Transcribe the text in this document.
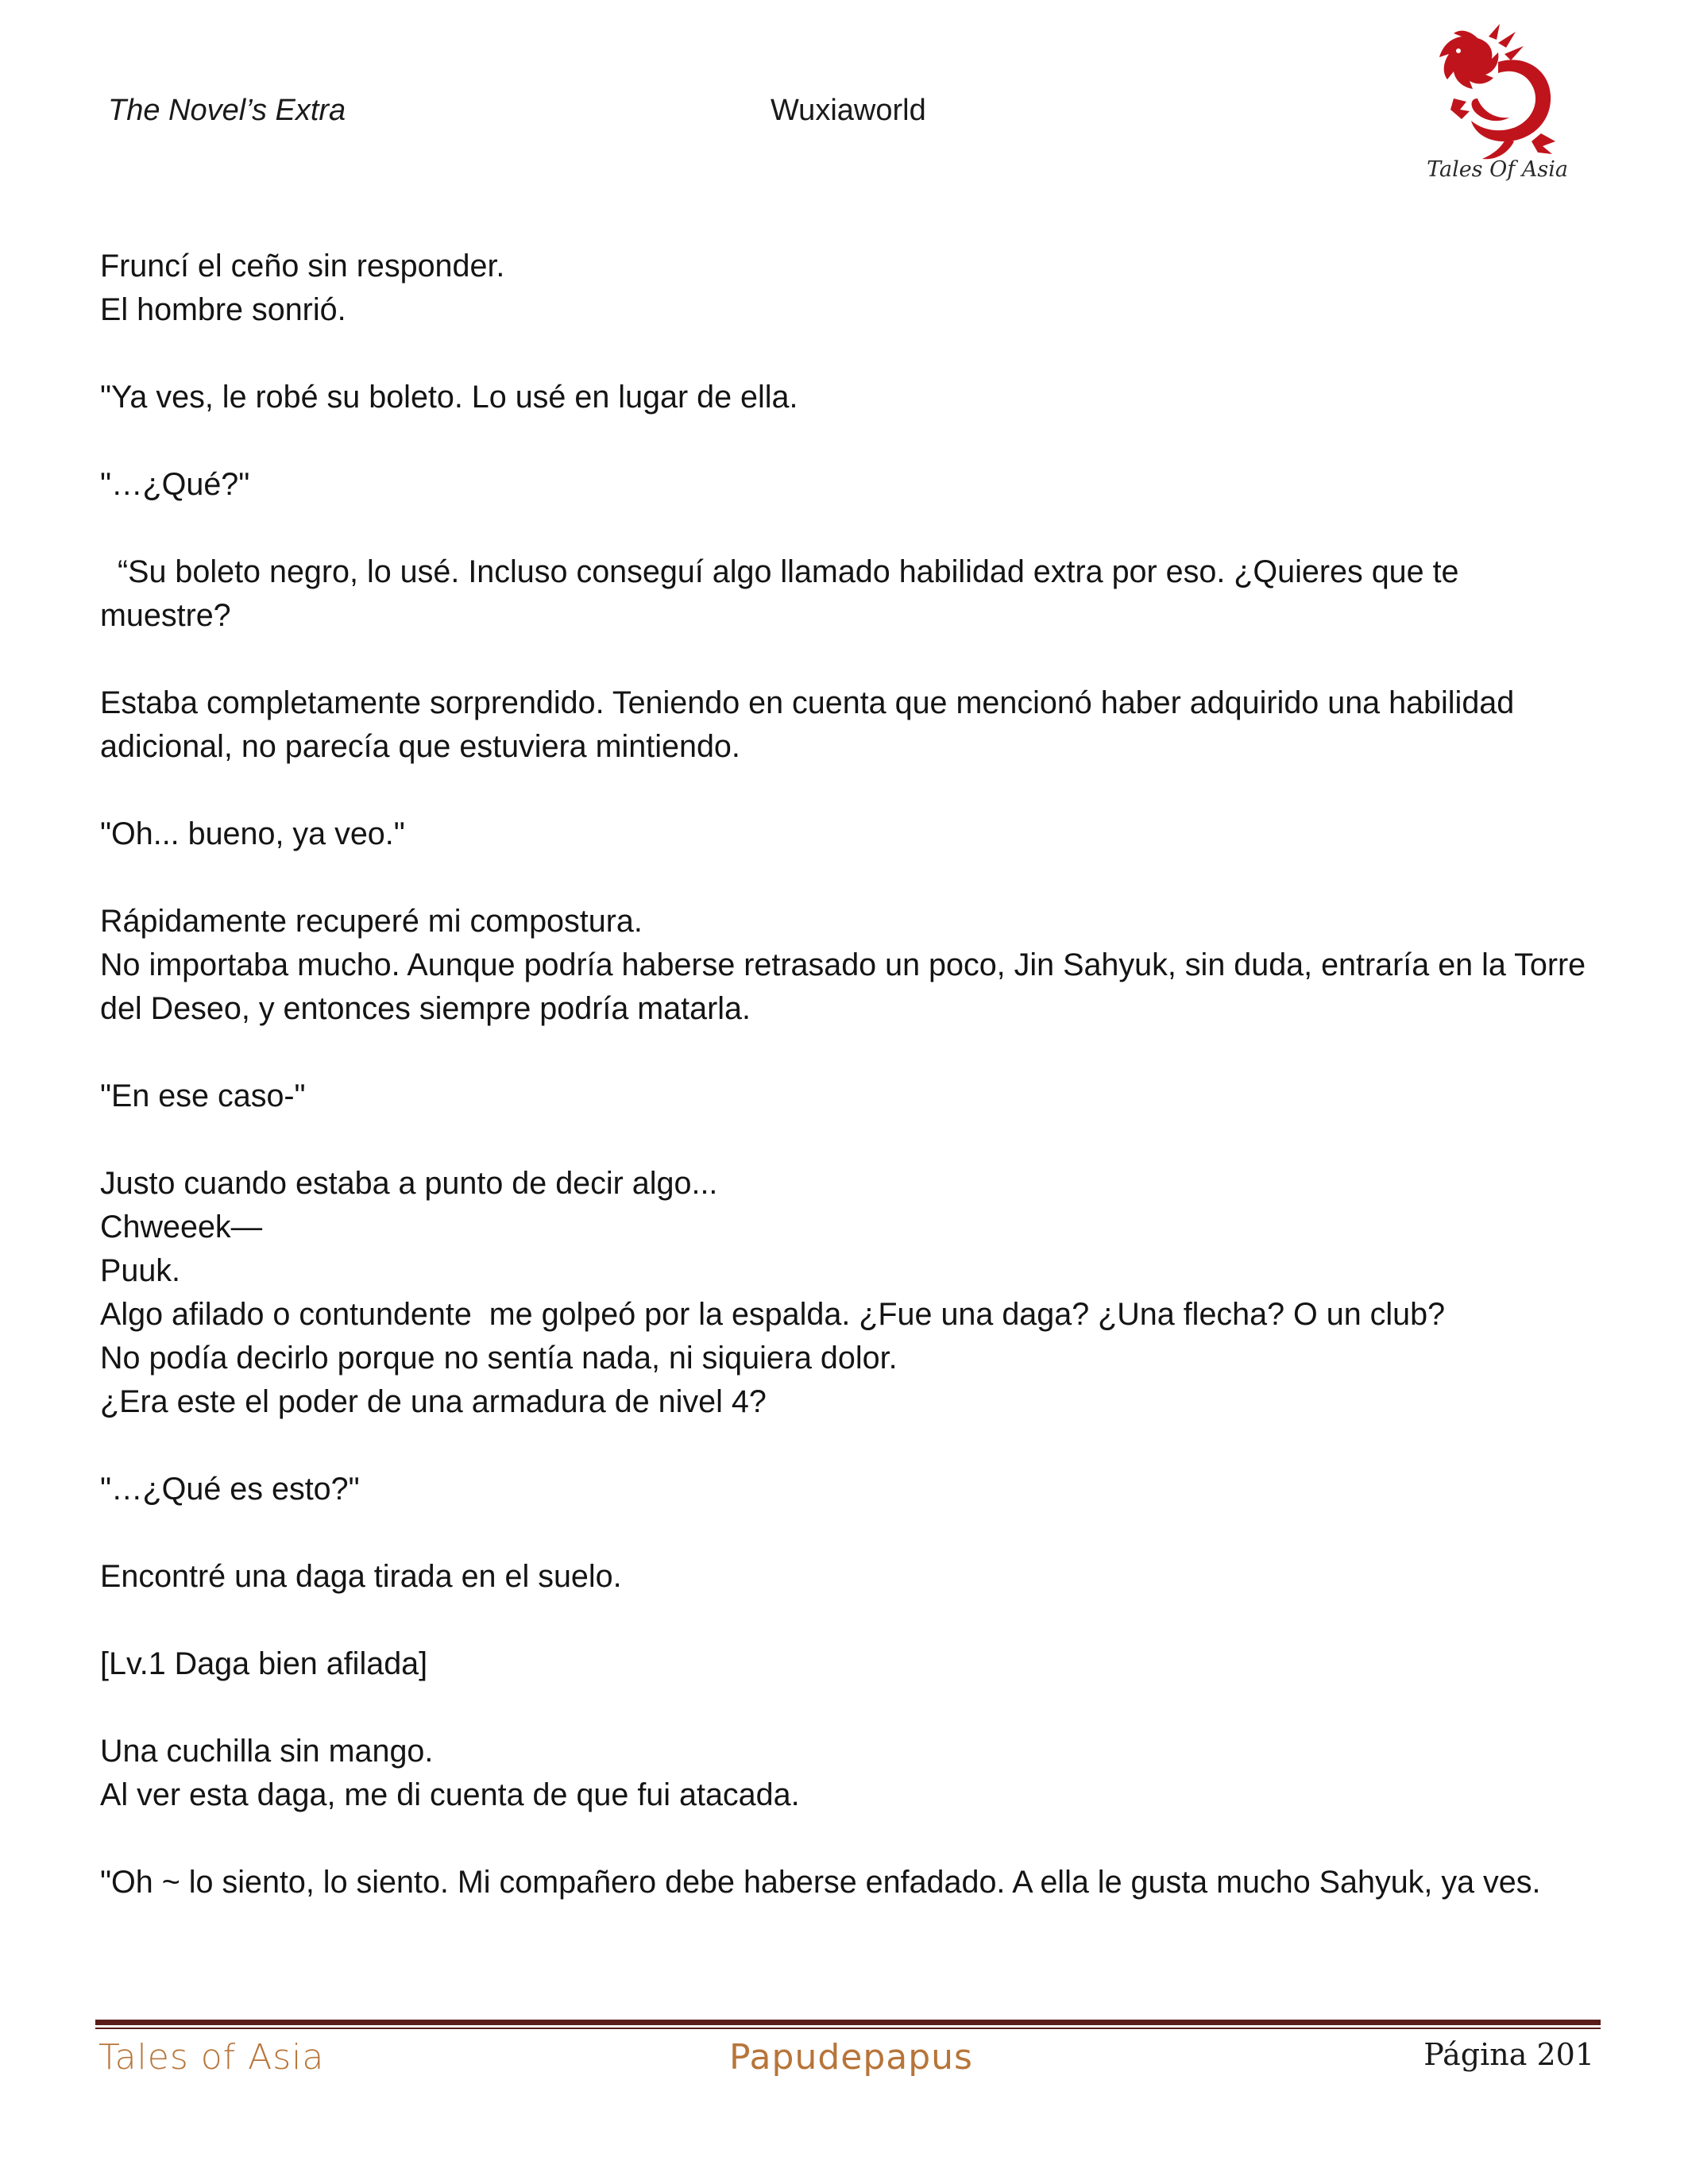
The Novel’s Extra	Wuxiaworld
Tales Of Asia

Fruncí el ceño sin responder.

El hombre sonrió.

"Ya ves, le robé su boleto. Lo usé en lugar de ella.

"…¿Qué?"

“Su boleto negro, lo usé. Incluso conseguí algo llamado habilidad extra por eso. ¿Quieres que te muestre?

Estaba completamente sorprendido. Teniendo en cuenta que mencionó haber adquirido una habilidad adicional, no parecía que estuviera mintiendo.

"Oh... bueno, ya veo."

Rápidamente recuperé mi compostura.

No importaba mucho. Aunque podría haberse retrasado un poco, Jin Sahyuk, sin duda, entraría en la Torre del Deseo, y entonces siempre podría matarla.

"En ese caso-"

Justo cuando estaba a punto de decir algo...

Chweeek—

Puuk.

Algo afilado o contundente  me golpeó por la espalda. ¿Fue una daga? ¿Una flecha? O un club?

No podía decirlo porque no sentía nada, ni siquiera dolor.

¿Era este el poder de una armadura de nivel 4?

"…¿Qué es esto?"

Encontré una daga tirada en el suelo.

[Lv.1 Daga bien afilada]

Una cuchilla sin mango.

Al ver esta daga, me di cuenta de que fui atacada.

"Oh ~ lo siento, lo siento. Mi compañero debe haberse enfadado. A ella le gusta mucho Sahyuk, ya ves.

Tales of Asia	Papudepapus	Página 201
